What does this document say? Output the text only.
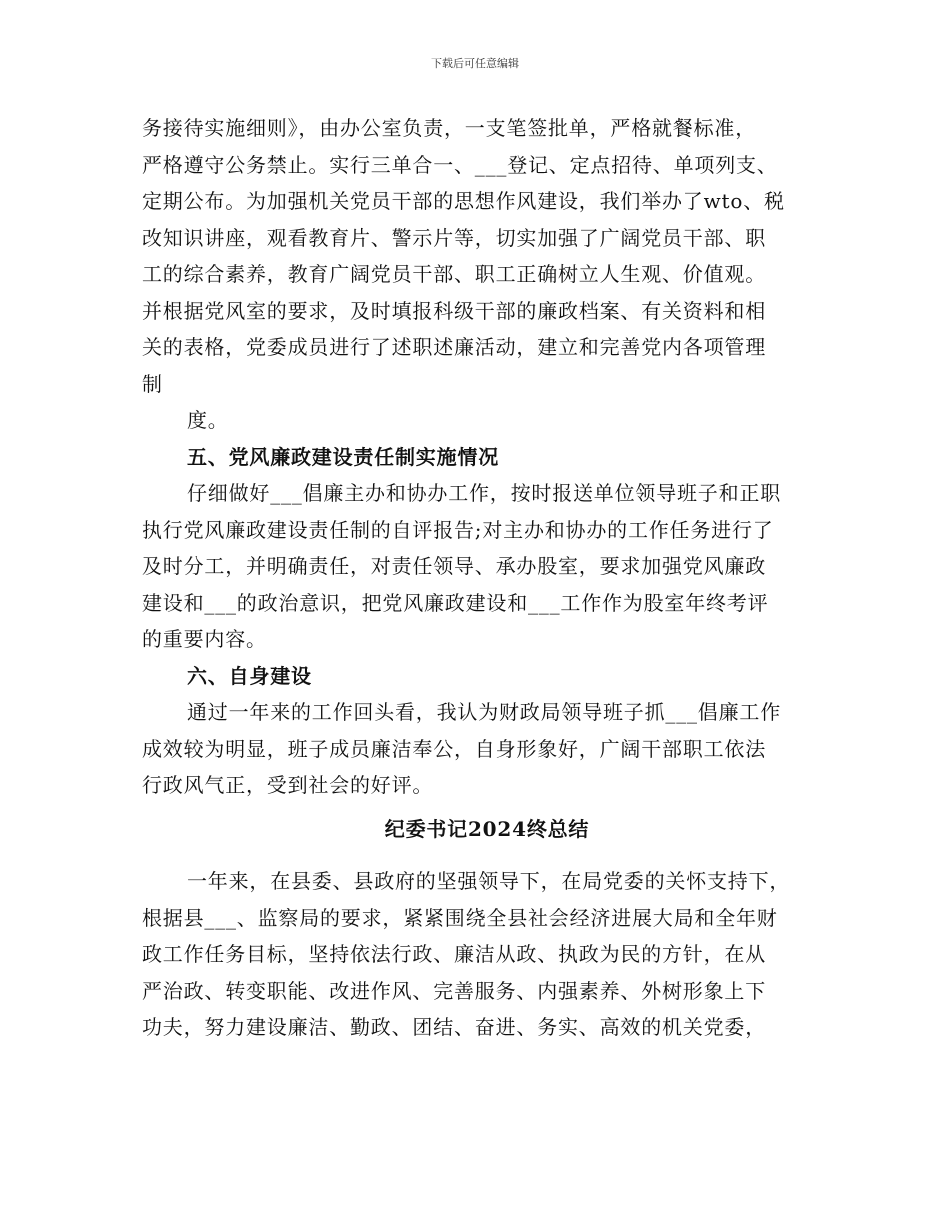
下载后可任意编辑
务接待实施细则》，由办公室负责，一支笔签批单，严格就餐标准，
严格遵守公务禁止。实行三单合一、___登记、定点招待、单项列支、
定期公布。为加强机关党员干部的思想作风建设，我们举办了wto、税
改知识讲座，观看教育片、警示片等，切实加强了广阔党员干部、职
工的综合素养，教育广阔党员干部、职工正确树立人生观、价值观。
并根据党风室的要求，及时填报科级干部的廉政档案、有关资料和相
关的表格，党委成员进行了述职述廉活动，建立和完善党内各项管理
制
度。
五、党风廉政建设责任制实施情况
仔细做好___倡廉主办和协办工作，按时报送单位领导班子和正职
执行党风廉政建设责任制的自评报告;对主办和协办的工作任务进行了
及时分工，并明确责任，对责任领导、承办股室，要求加强党风廉政
建设和___的政治意识，把党风廉政建设和___工作作为股室年终考评
的重要内容。
六、自身建设
通过一年来的工作回头看，我认为财政局领导班子抓___倡廉工作
成效较为明显，班子成员廉洁奉公，自身形象好，广阔干部职工依法
行政风气正，受到社会的好评。
纪委书记2024终总结
一年来，在县委、县政府的坚强领导下，在局党委的关怀支持下，
根据县___、监察局的要求，紧紧围绕全县社会经济进展大局和全年财
政工作任务目标，坚持依法行政、廉洁从政、执政为民的方针，在从
严治政、转变职能、改进作风、完善服务、内强素养、外树形象上下
功夫，努力建设廉洁、勤政、团结、奋进、务实、高效的机关党委，
